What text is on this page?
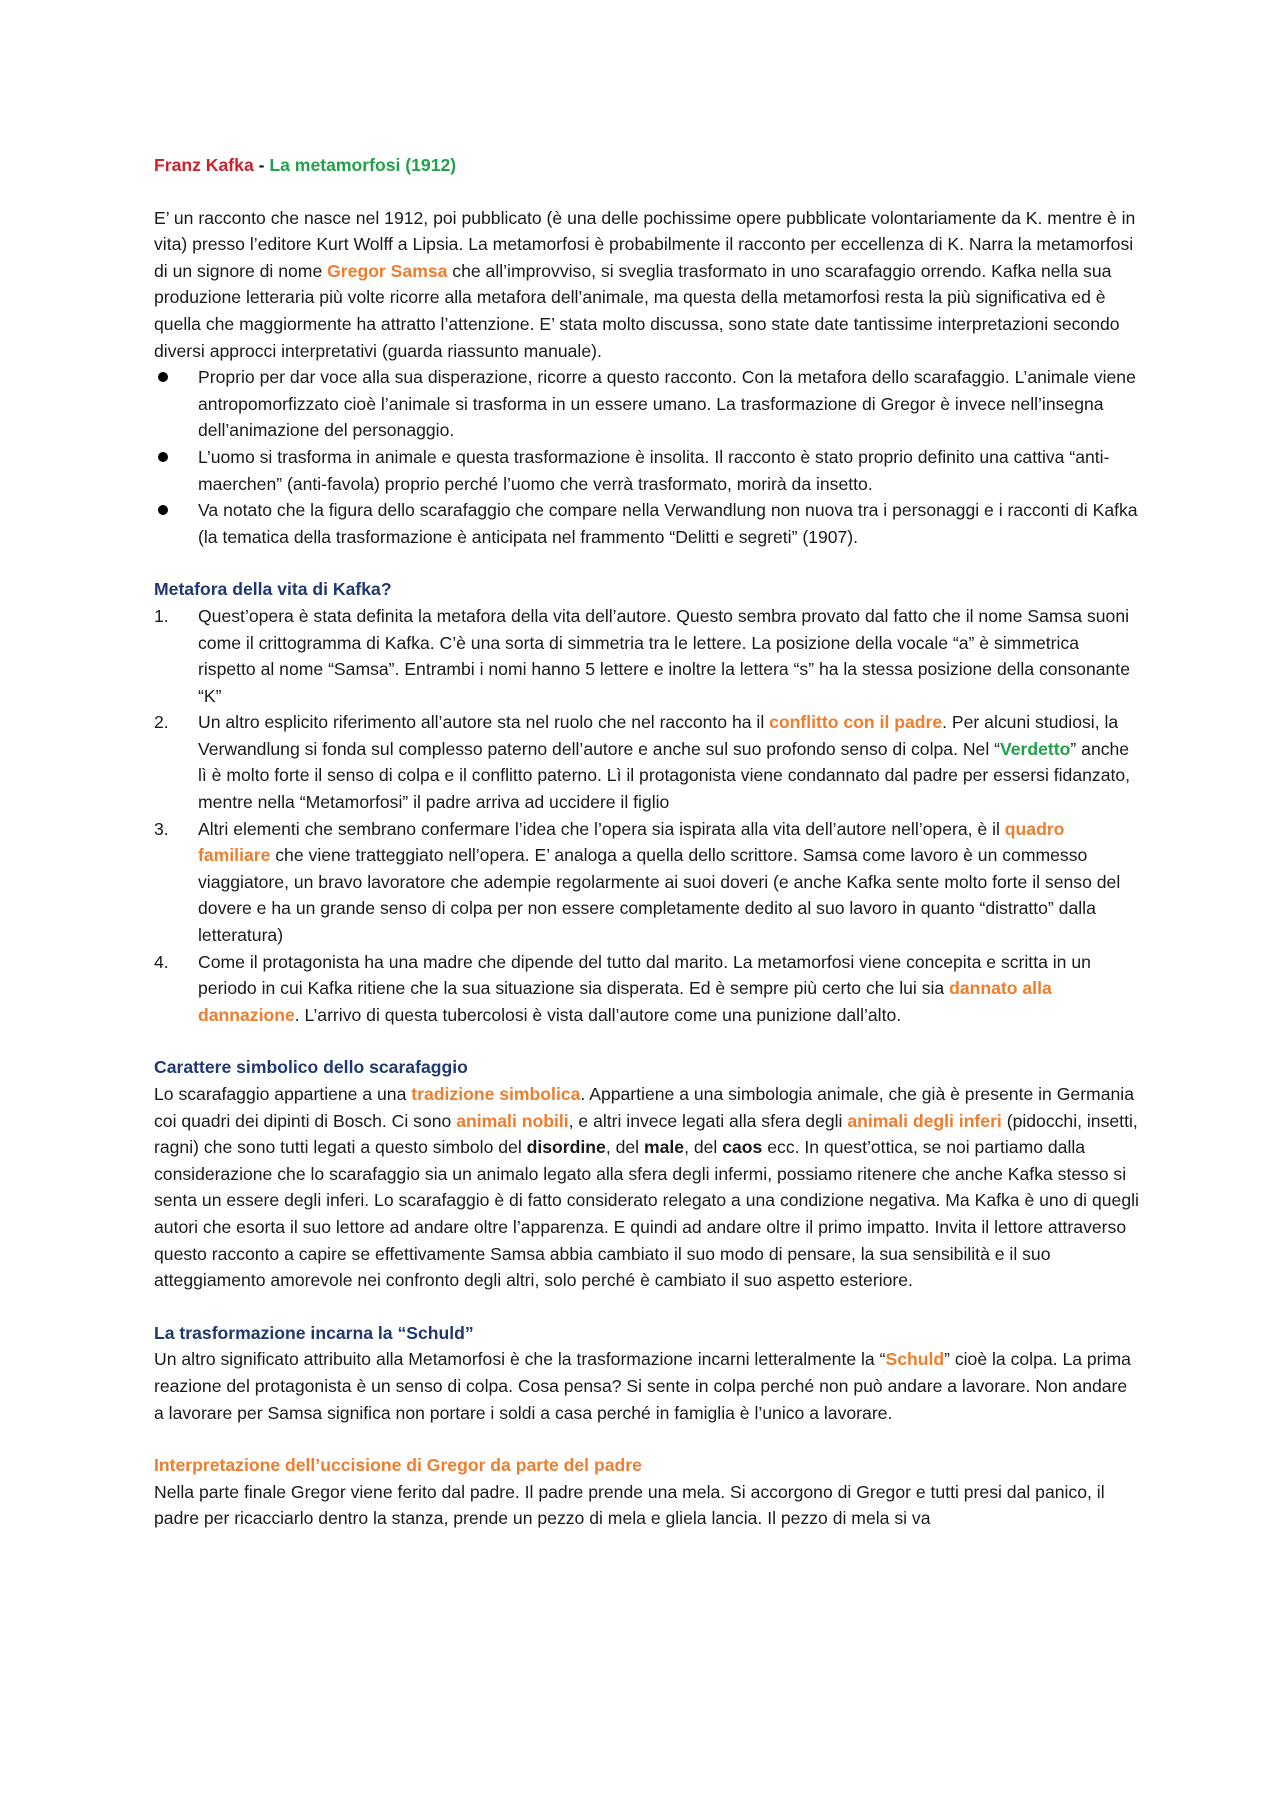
Franz Kafka - La metamorfosi (1912)

E’ un racconto che nasce nel 1912, poi pubblicato (è una delle pochissime opere pubblicate volontariamente da K. mentre è in vita) presso l’editore Kurt Wolff a Lipsia. La metamorfosi è probabilmente il racconto per eccellenza di K. Narra la metamorfosi di un signore di nome Gregor Samsa che all’improvviso, si sveglia trasformato in uno scarafaggio orrendo. Kafka nella sua produzione letteraria più volte ricorre alla metafora dell’animale, ma questa della metamorfosi resta la più significativa ed è quella che maggiormente ha attratto l’attenzione. E’ stata molto discussa, sono state date tantissime interpretazioni secondo diversi approcci interpretativi (guarda riassunto manuale).

Proprio per dar voce alla sua disperazione, ricorre a questo racconto. Con la metafora dello scarafaggio. L’animale viene antropomorfizzato cioè l’animale si trasforma in un essere umano. La trasformazione di Gregor è invece nell’insegna dell’animazione del personaggio.
L’uomo si trasforma in animale e questa trasformazione è insolita. Il racconto è stato proprio definito una cattiva “anti-maerchen” (anti-favola) proprio perché l’uomo che verrà trasformato, morirà da insetto.
Va notato che la figura dello scarafaggio che compare nella Verwandlung non nuova tra i personaggi e i racconti di Kafka (la tematica della trasformazione è anticipata nel frammento “Delitti e segreti” (1907).

Metafora della vita di Kafka?

1. Quest’opera è stata definita la metafora della vita dell’autore. Questo sembra provato dal fatto che il nome Samsa suoni come il crittogramma di Kafka. C’è una sorta di simmetria tra le lettere. La posizione della vocale “a” è simmetrica rispetto al nome “Samsa”. Entrambi i nomi hanno 5 lettere e inoltre la lettera “s” ha la stessa posizione della consonante “K”
2. Un altro esplicito riferimento all’autore sta nel ruolo che nel racconto ha il conflitto con il padre. Per alcuni studiosi, la Verwandlung si fonda sul complesso paterno dell’autore e anche sul suo profondo senso di colpa. Nel “Verdetto” anche lì è molto forte il senso di colpa e il conflitto paterno. Lì il protagonista viene condannato dal padre per essersi fidanzato, mentre nella “Metamorfosi” il padre arriva ad uccidere il figlio
3. Altri elementi che sembrano confermare l’idea che l’opera sia ispirata alla vita dell’autore nell’opera, è il quadro familiare che viene tratteggiato nell’opera. E’ analoga a quella dello scrittore. Samsa come lavoro è un commesso viaggiatore, un bravo lavoratore che adempie regolarmente ai suoi doveri (e anche Kafka sente molto forte il senso del dovere e ha un grande senso di colpa per non essere completamente dedito al suo lavoro in quanto “distratto” dalla letteratura)
4. Come il protagonista ha una madre che dipende del tutto dal marito. La metamorfosi viene concepita e scritta in un periodo in cui Kafka ritiene che la sua situazione sia disperata. Ed è sempre più certo che lui sia dannato alla dannazione. L’arrivo di questa tubercolosi è vista dall’autore come una punizione dall’alto.

Carattere simbolico dello scarafaggio

Lo scarafaggio appartiene a una tradizione simbolica. Appartiene a una simbologia animale, che già è presente in Germania coi quadri dei dipinti di Bosch. Ci sono animali nobili, e altri invece legati alla sfera degli animali degli inferi (pidocchi, insetti, ragni) che sono tutti legati a questo simbolo del disordine, del male, del caos ecc. In quest’ottica, se noi partiamo dalla considerazione che lo scarafaggio sia un animalo legato alla sfera degli infermi, possiamo ritenere che anche Kafka stesso si senta un essere degli inferi. Lo scarafaggio è di fatto considerato relegato a una condizione negativa. Ma Kafka è uno di quegli autori che esorta il suo lettore ad andare oltre l’apparenza. E quindi ad andare oltre il primo impatto. Invita il lettore attraverso questo racconto a capire se effettivamente Samsa abbia cambiato il suo modo di pensare, la sua sensibilità e il suo atteggiamento amorevole nei confronto degli altri, solo perché è cambiato il suo aspetto esteriore.

La trasformazione incarna la “Schuld”

Un altro significato attribuito alla Metamorfosi è che la trasformazione incarni letteralmente la “Schuld” cioè la colpa. La prima reazione del protagonista è un senso di colpa. Cosa pensa? Si sente in colpa perché non può andare a lavorare. Non andare a lavorare per Samsa significa non portare i soldi a casa perché in famiglia è l’unico a lavorare.

Interpretazione dell’uccisione di Gregor da parte del padre

Nella parte finale Gregor viene ferito dal padre. Il padre prende una mela. Si accorgono di Gregor e tutti presi dal panico, il padre per ricacciarlo dentro la stanza, prende un pezzo di mela e gliela lancia. Il pezzo di mela si va
